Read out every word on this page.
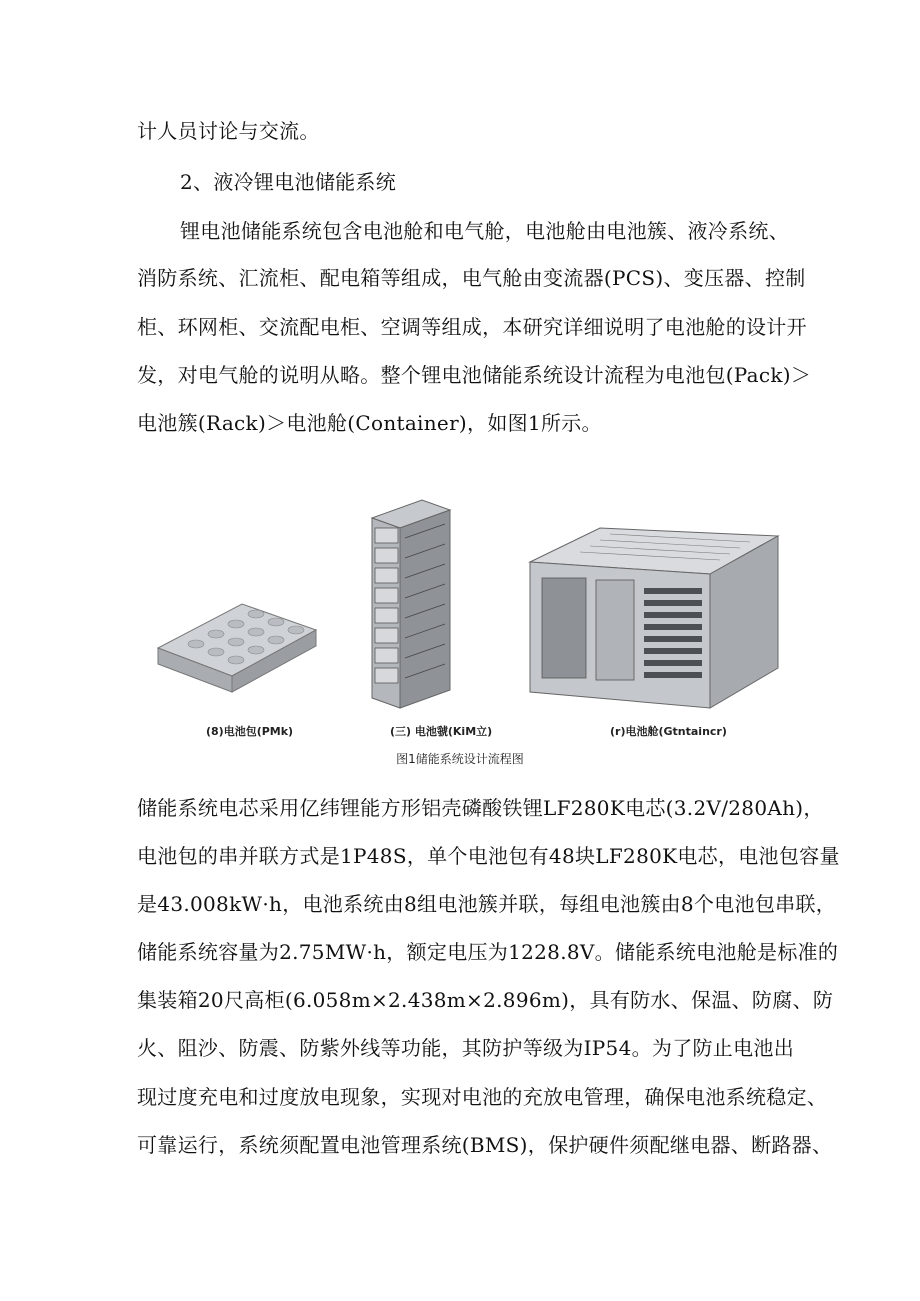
计人员讨论与交流。

2、液冷锂电池储能系统

锂电池储能系统包含电池舱和电气舱，电池舱由电池簇、液冷系统、

消防系统、汇流柜、配电箱等组成，电气舱由变流器(PCS)、变压器、控制

柜、环网柜、交流配电柜、空调等组成，本研究详细说明了电池舱的设计开

发，对电气舱的说明从略。整个锂电池储能系统设计流程为电池包(Pack)＞

电池簇(Rack)＞电池舱(Container)，如图1所示。

(8)电池包(PMk)	(三) 电池虢(KiM立)	(r)电池舱(Gtntaincr)
图1储能系统设计流程图

储能系统电芯采用亿纬锂能方形铝壳磷酸铁锂LF280K电芯(3.2V/280Ah)，

电池包的串并联方式是1P48S，单个电池包有48块LF280K电芯，电池包容量

是43.008kW·h，电池系统由8组电池簇并联，每组电池簇由8个电池包串联，

储能系统容量为2.75MW·h，额定电压为1228.8V。储能系统电池舱是标准的

集装箱20尺高柜(6.058m×2.438m×2.896m)，具有防水、保温、防腐、防

火、阻沙、防震、防紫外线等功能，其防护等级为IP54。为了防止电池出

现过度充电和过度放电现象，实现对电池的充放电管理，确保电池系统稳定、

可靠运行，系统须配置电池管理系统(BMS)，保护硬件须配继电器、断路器、
